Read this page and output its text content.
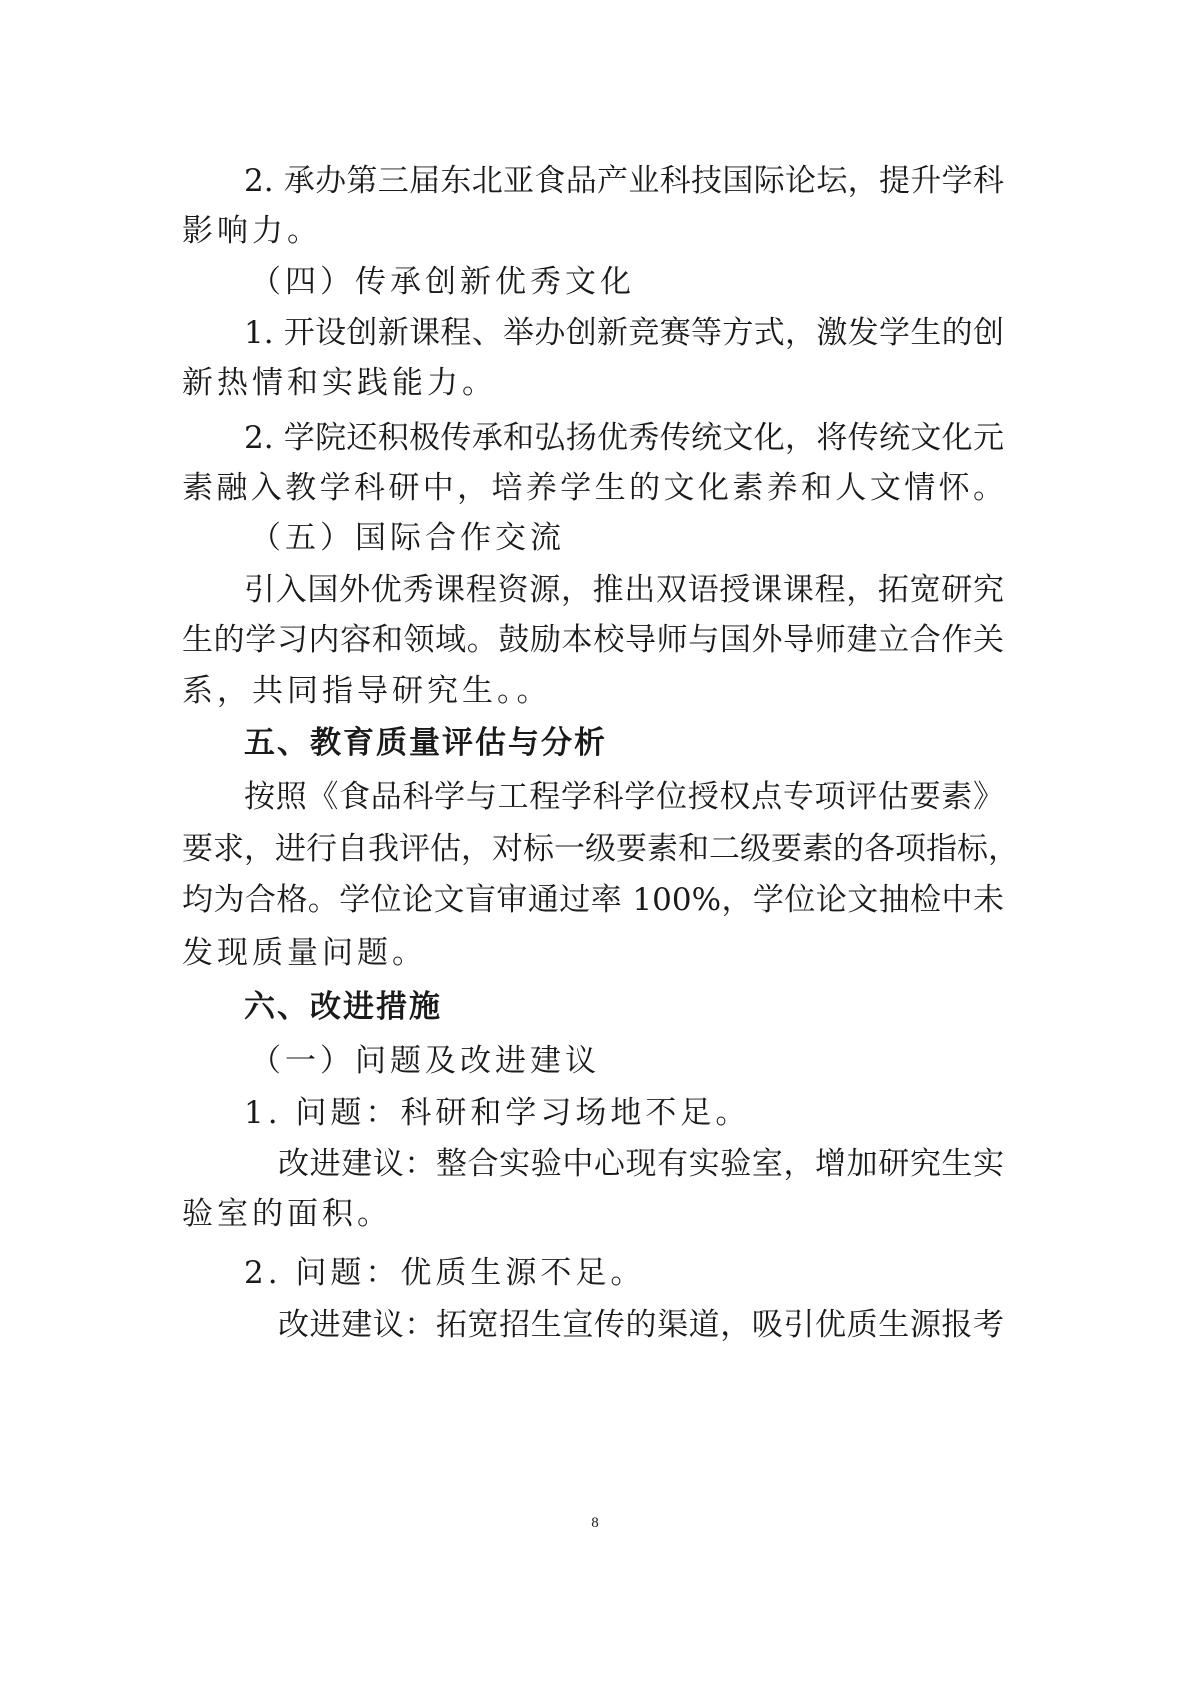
2. 承办第三届东北亚食品产业科技国际论坛，提升学科
影响力。
（四）传承创新优秀文化
1. 开设创新课程、举办创新竞赛等方式，激发学生的创
新热情和实践能力。
2. 学院还积极传承和弘扬优秀传统文化，将传统文化元
素融入教学科研中，培养学生的文化素养和人文情怀。
（五）国际合作交流
引入国外优秀课程资源，推出双语授课课程，拓宽研究
生的学习内容和领域。鼓励本校导师与国外导师建立合作关
系，共同指导研究生。。
五、教育质量评估与分析
按照《食品科学与工程学科学位授权点专项评估要素》
要求，进行自我评估，对标一级要素和二级要素的各项指标，
均为合格。学位论文盲审通过率 100%，学位论文抽检中未
发现质量问题。
六、改进措施
（一）问题及改进建议
1. 问题：科研和学习场地不足。
改进建议：整合实验中心现有实验室，增加研究生实
验室的面积。
2. 问题：优质生源不足。
改进建议：拓宽招生宣传的渠道，吸引优质生源报考
8
